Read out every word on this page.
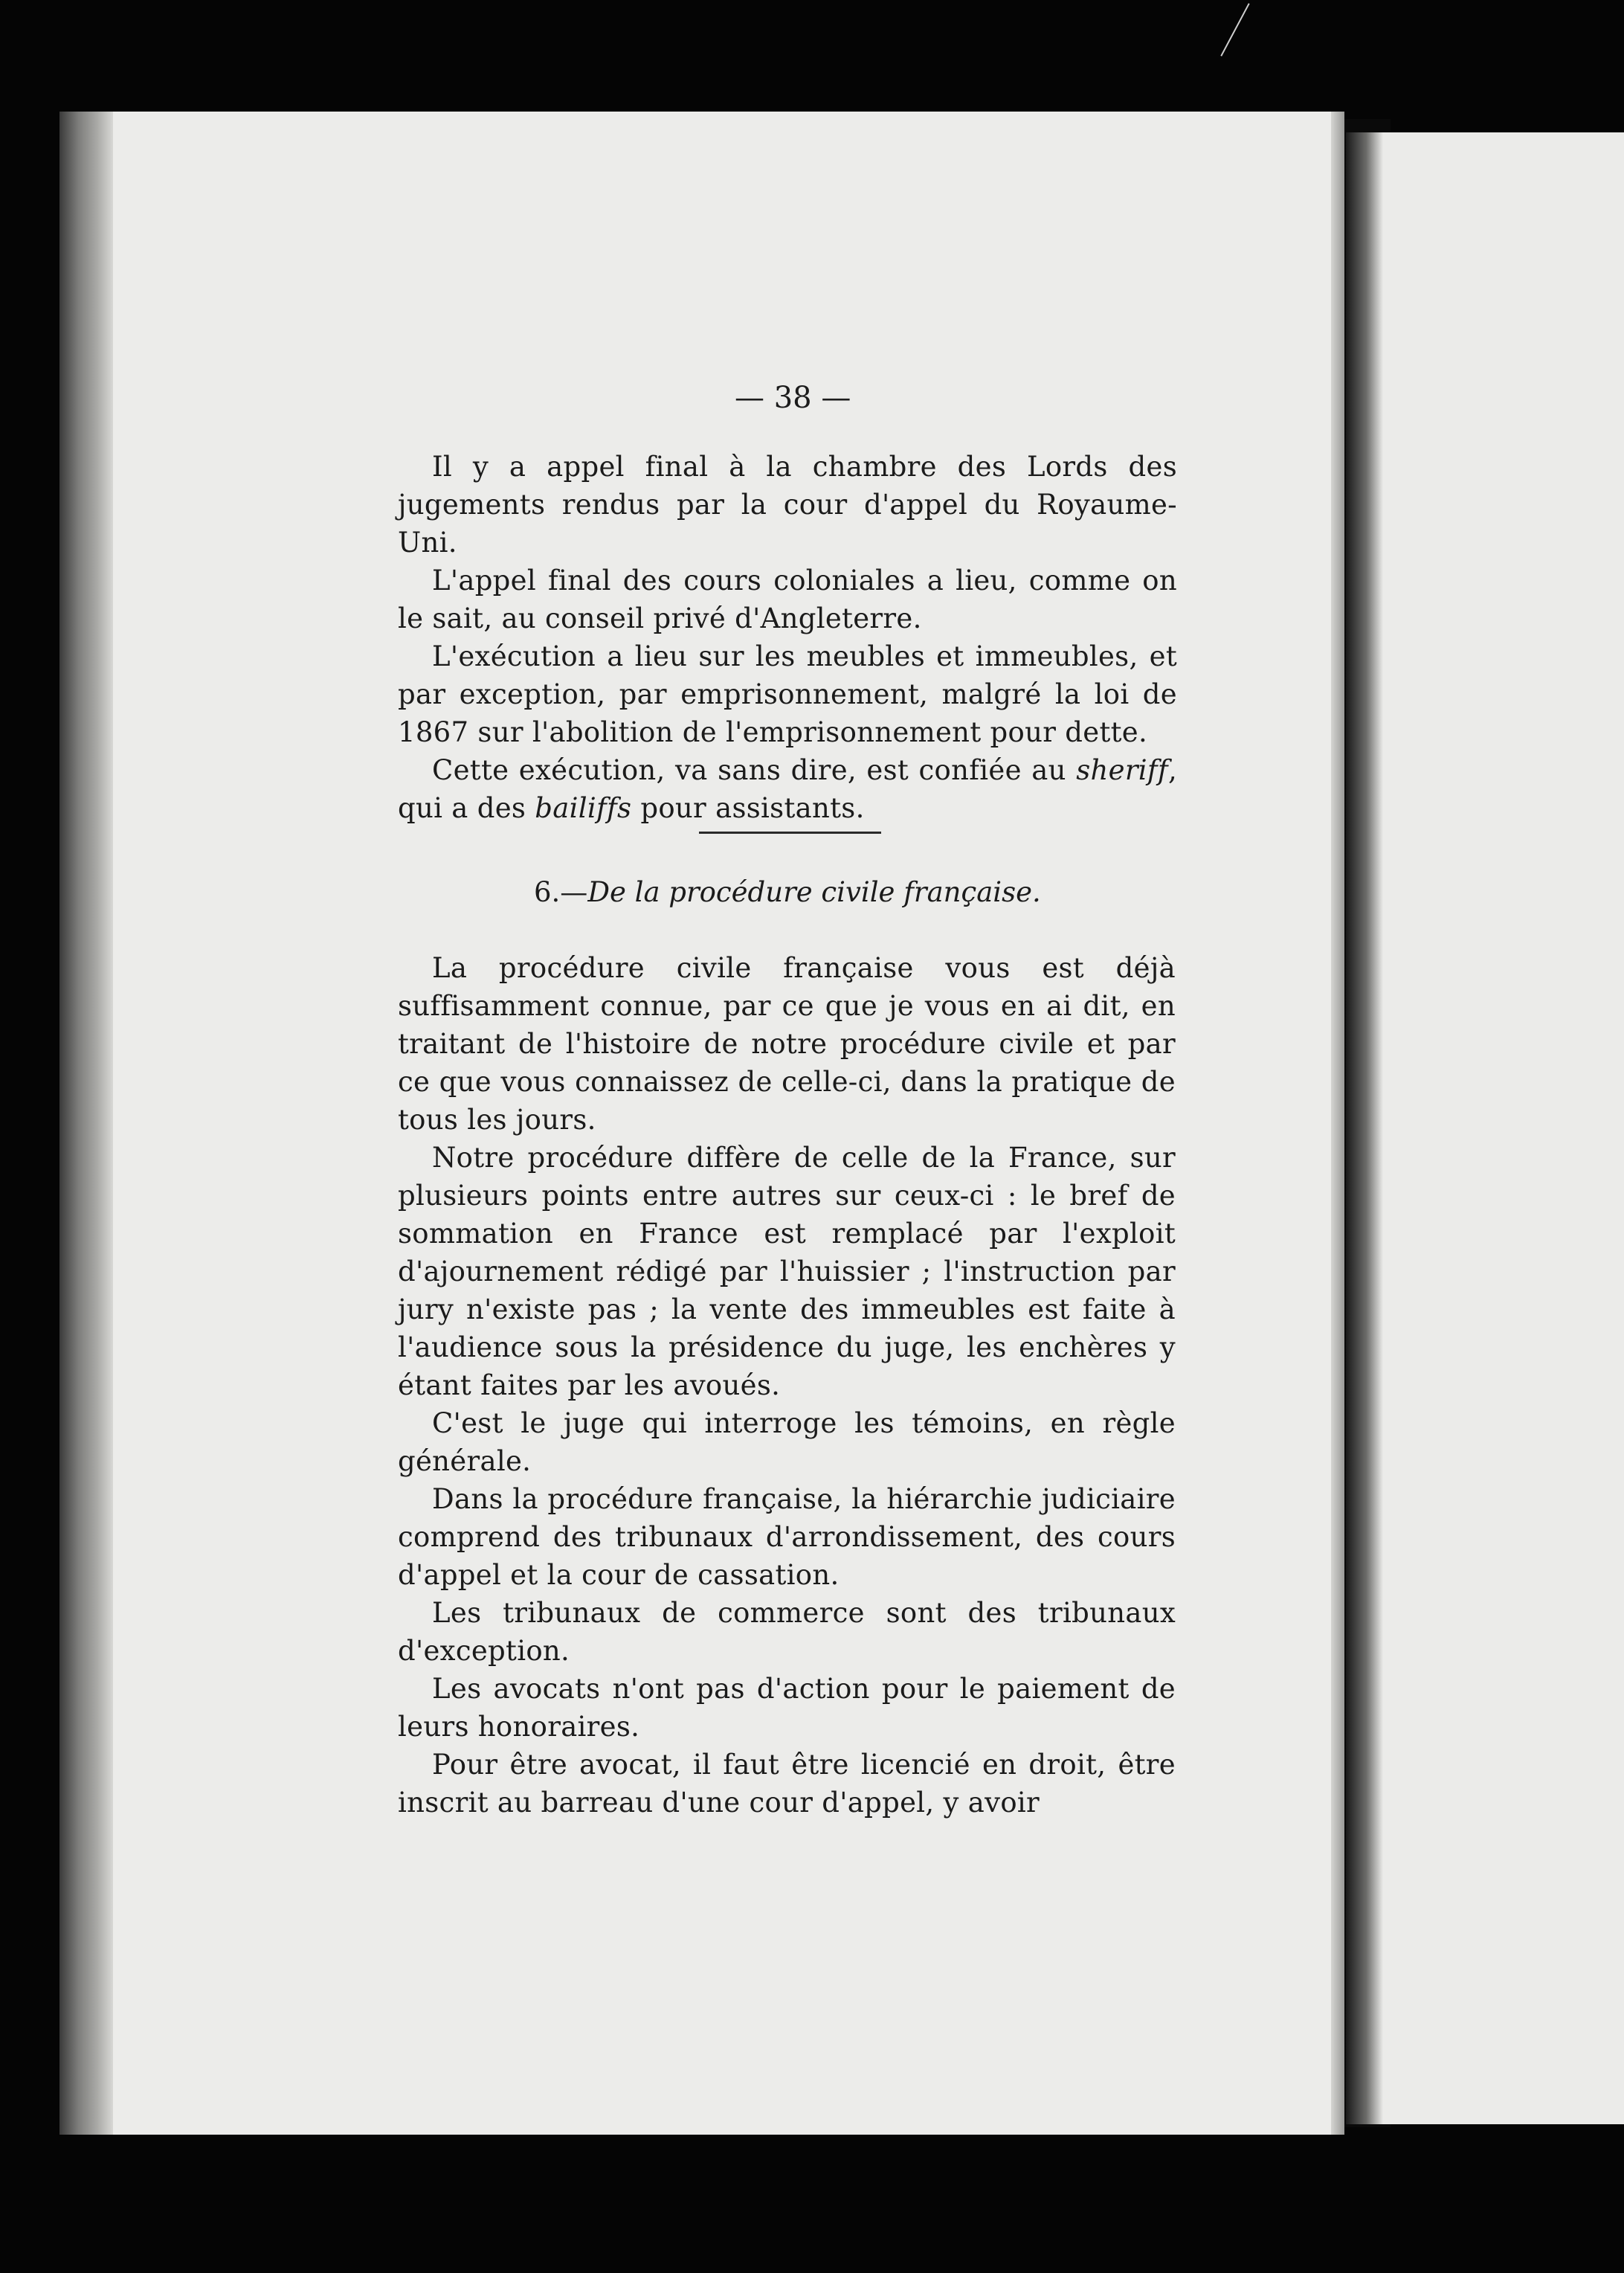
— 38 —

Il y a appel final à la chambre des Lords des jugements rendus par la cour d'appel du Royaume-Uni.

L'appel final des cours coloniales a lieu, comme on le sait, au conseil privé d'Angleterre.

L'exécution a lieu sur les meubles et immeubles, et par exception, par emprisonnement, malgré la loi de 1867 sur l'abolition de l'emprisonnement pour dette.

Cette exécution, va sans dire, est confiée au sheriff, qui a des bailiffs pour assistants.

6.—De la procédure civile française.

La procédure civile française vous est déjà suffisamment connue, par ce que je vous en ai dit, en traitant de l'histoire de notre procédure civile et par ce que vous connaissez de celle-ci, dans la pratique de tous les jours.

Notre procédure diffère de celle de la France, sur plusieurs points entre autres sur ceux-ci : le bref de sommation en France est remplacé par l'exploit d'ajournement rédigé par l'huissier ; l'instruction par jury n'existe pas ; la vente des immeubles est faite à l'audience sous la présidence du juge, les enchères y étant faites par les avoués.

C'est le juge qui interroge les témoins, en règle générale.

Dans la procédure française, la hiérarchie judiciaire comprend des tribunaux d'arrondissement, des cours d'appel et la cour de cassation.

Les tribunaux de commerce sont des tribunaux d'exception.

Les avocats n'ont pas d'action pour le paiement de leurs honoraires.

Pour être avocat, il faut être licencié en droit, être inscrit au barreau d'une cour d'appel, y avoir
